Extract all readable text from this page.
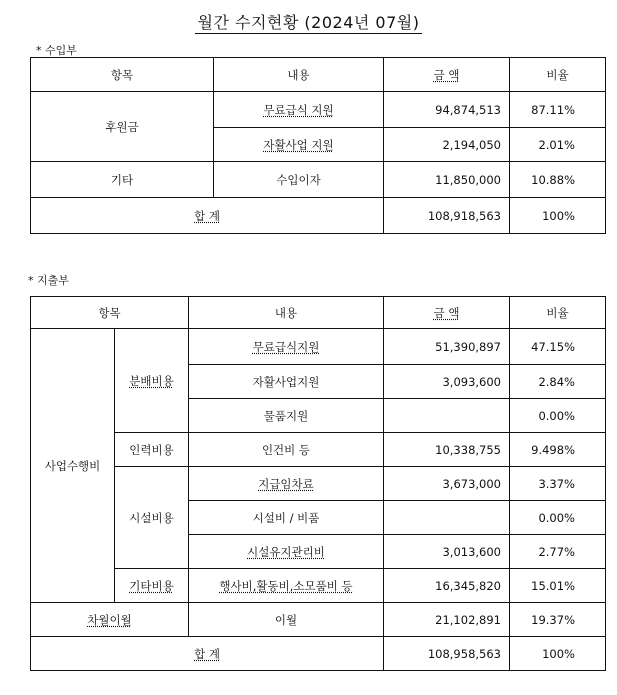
월간 수지현황 (2024년 07월)
* 수입부
항목	내용	금 액	비율
후원금	무료급식 지원	94,874,513	87.11%
	자활사업 지원	2,194,050	2.01%
기타	수입이자	11,850,000	10.88%
합 계		108,918,563	100%
* 지출부
항목		내용	금 액	비율
사업수행비	분배비용	무료급식지원	51,390,897	47.15%
		자활사업지원	3,093,600	2.84%
		물품지원		0.00%
	인력비용	인건비 등	10,338,755	9.498%
	시설비용	지급임차료	3,673,000	3.37%
		시설비 / 비품		0.00%
		시설유지관리비	3,013,600	2.77%
	기타비용	행사비,활동비,소모품비 등	16,345,820	15.01%
차월이월		이월	21,102,891	19.37%
합 계			108,958,563	100%
